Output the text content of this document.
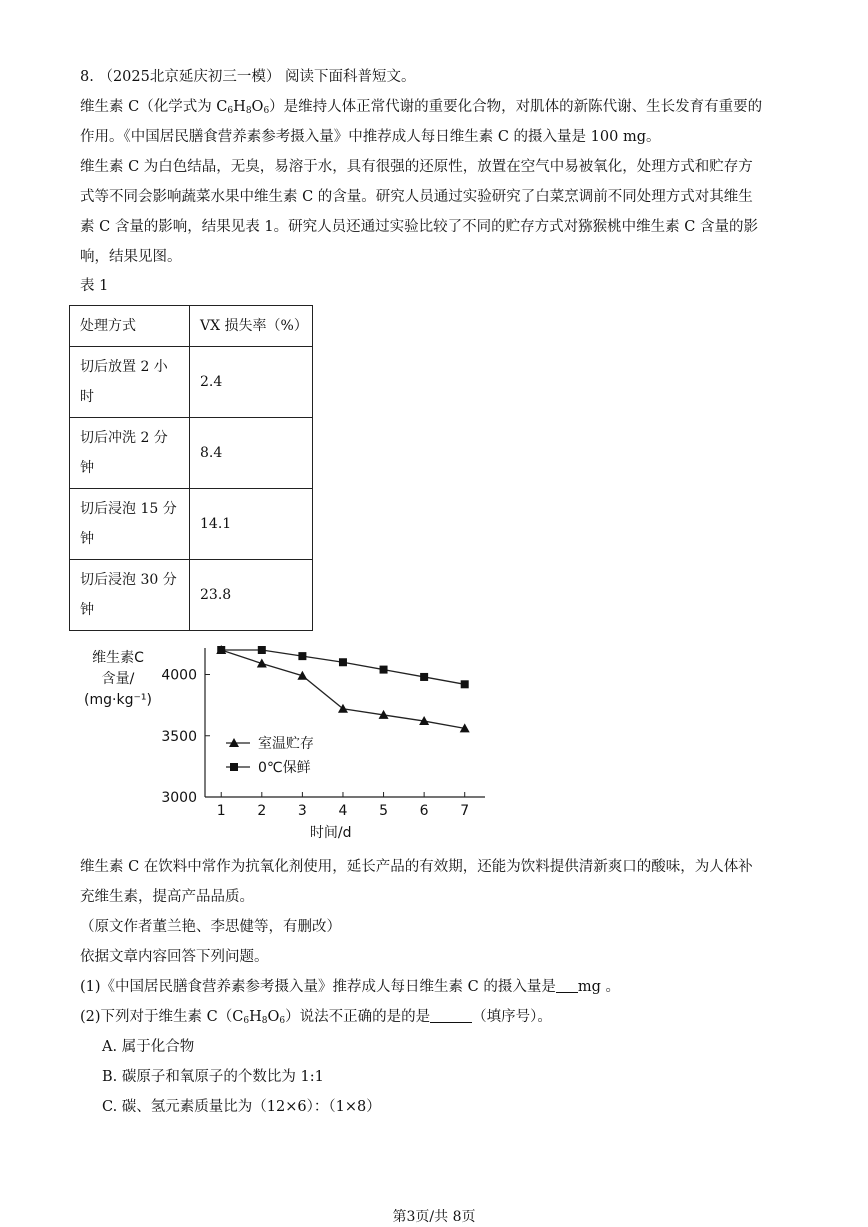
8. （2025北京延庆初三一模） 阅读下面科普短文。
维生素 C（化学式为 $C_6H_8O_6$）是维持人体正常代谢的重要化合物，对肌体的新陈代谢、生长发育有重要的
作用。《中国居民膳食营养素参考摄入量》中推荐成人每日维生素 C 的摄入量是 100 mg。
维生素 C 为白色结晶，无臭，易溶于水，具有很强的还原性，放置在空气中易被氧化，处理方式和贮存方
式等不同会影响蔬菜水果中维生素 C 的含量。研究人员通过实验研究了白菜烹调前不同处理方式对其维生
素 C 含量的影响，结果见表 1。研究人员还通过实验比较了不同的贮存方式对猕猴桃中维生素 C 含量的影
响，结果见图。
表 1
处理方式	VX 损失率（%）
切后放置 2 小时	2.4
切后冲洗 2 分钟	8.4
切后浸泡 15 分钟	14.1
切后浸泡 30 分钟	23.8
3000
3500
4000
1 2 3 4 5 6 7
维生素C
含量/
(mg·kg⁻¹)
时间/d
室温贮存
0℃保鲜
维生素 C 在饮料中常作为抗氧化剂使用，延长产品的有效期，还能为饮料提供清新爽口的酸味，为人体补
充维生素，提高产品品质。
（原文作者董兰艳、李思健等，有删改）
依据文章内容回答下列问题。
(1)《中国居民膳食营养素参考摄入量》推荐成人每日维生素 C 的摄入量是 mg 。
(2)下列对于维生素 $C(C_6H_8O_6)$说法不正确的是的是	（填序号）。
A. 属于化合物
B. 碳原子和氧原子的个数比为 1:1
C. 碳、氢元素质量比为（12×6）：（1×8）
第3页/共 8页
